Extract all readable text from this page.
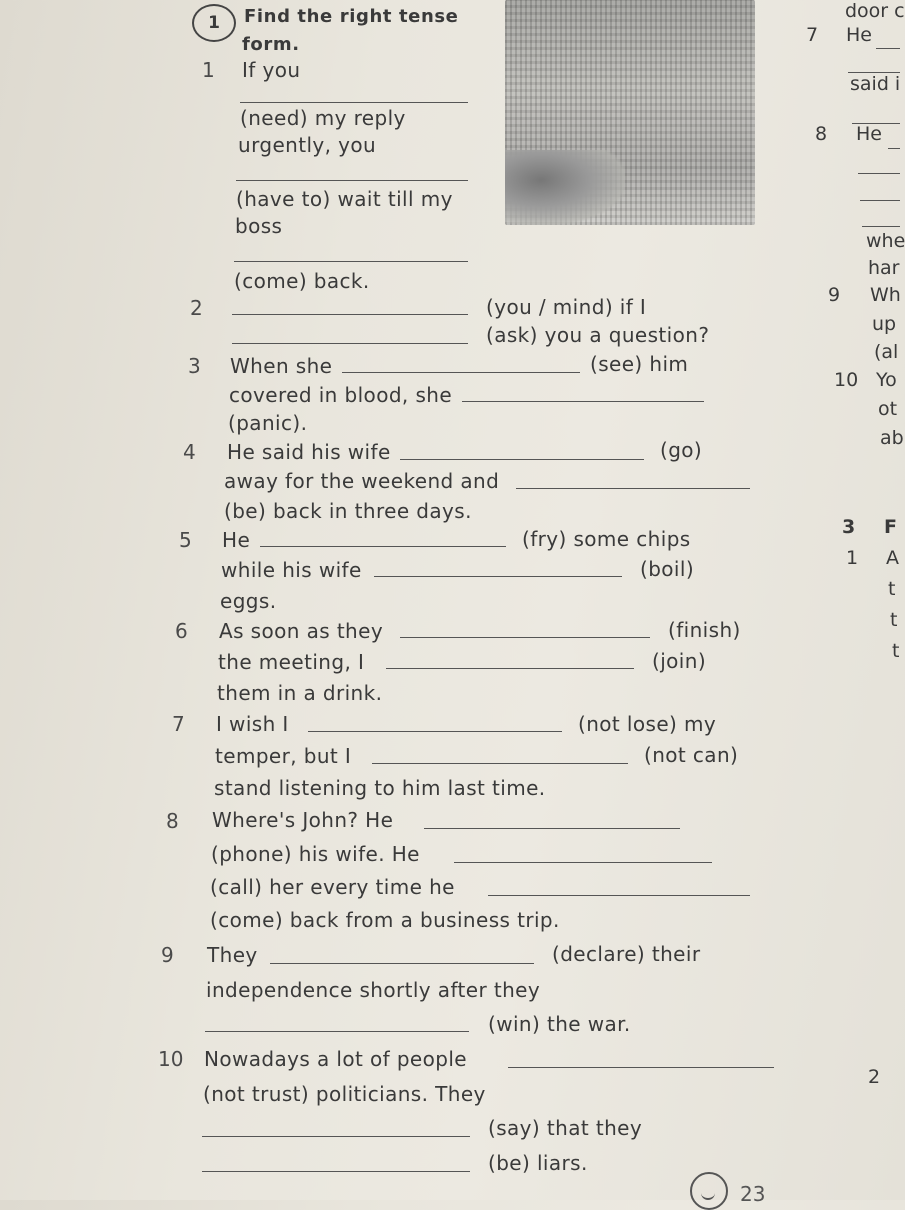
1	Find the right tense
form.
1 If you
(need) my reply
urgently, you
(have to) wait till my
boss
(come) back.
2	(you / mind) if I
(ask) you a question?
3 When she	(see) him
covered in blood, she
(panic).
4 He said his wife	(go)
away for the weekend and
(be) back in three days.
5 He	(fry) some chips
while his wife	(boil)
eggs.
6 As soon as they	(finish)
the meeting, I	(join)
them in a drink.
7 I wish I	(not lose) my
temper, but I	(not can)
stand listening to him last time.
8 Where's John? He
(phone) his wife. He
(call) her every time he
(come) back from a business trip.
9 They	(declare) their
independence shortly after they
(win) the war.
10 Nowadays a lot of people
(not trust) politicians. They
(say) that they
(be) liars.
door c
7 He
said i
8 He
whe
har
9 Wh
up
(al
10 Yo
ot
ab
3 F
1 A
t
t
t
2
23
